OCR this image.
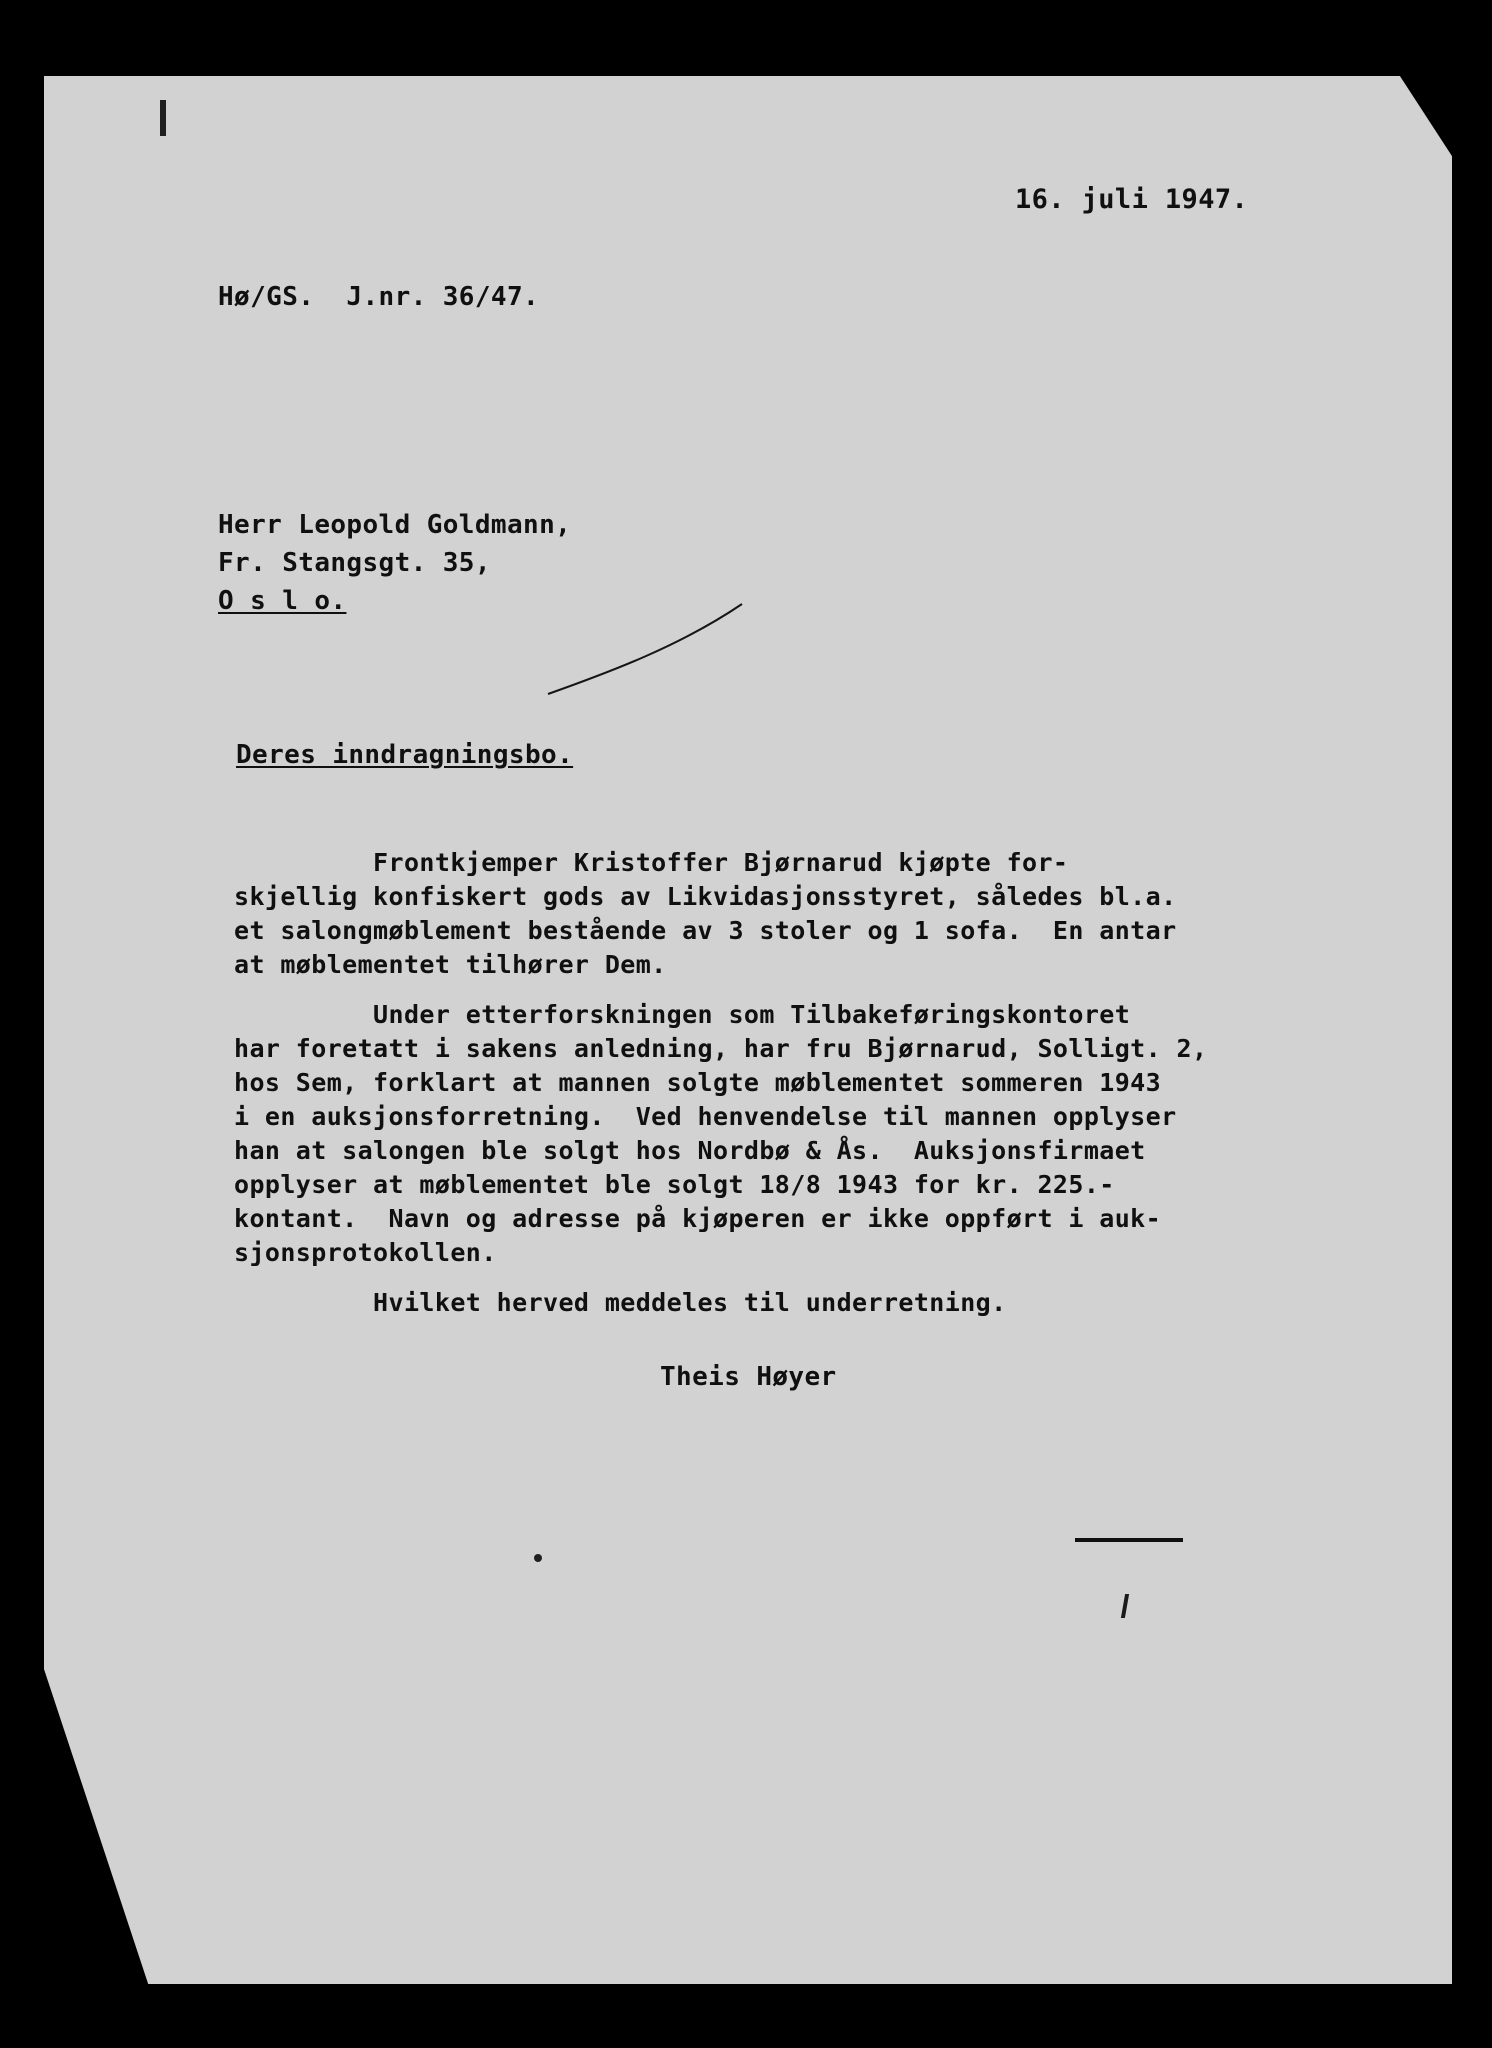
16. juli 1947.
Hø/GS.  J.nr. 36/47.
Herr Leopold Goldmann,
Fr. Stangsgt. 35,
O s l o.
Deres inndragningsbo.
Frontkjemper Kristoffer Bjørnarud kjøpte for-
skjellig konfiskert gods av Likvidasjonsstyret, således bl.a.
et salongmøblement bestående av 3 stoler og 1 sofa.  En antar
at møblementet tilhører Dem.
Under etterforskningen som Tilbakeføringskontoret
har foretatt i sakens anledning, har fru Bjørnarud, Solligt. 2,
hos Sem, forklart at mannen solgte møblementet sommeren 1943
i en auksjonsforretning.  Ved henvendelse til mannen opplyser
han at salongen ble solgt hos Nordbø & Ås.  Auksjonsfirmaet
opplyser at møblementet ble solgt 18/8 1943 for kr. 225.-
kontant.  Navn og adresse på kjøperen er ikke oppført i auk-
sjonsprotokollen.
Hvilket herved meddeles til underretning.
Theis Høyer
